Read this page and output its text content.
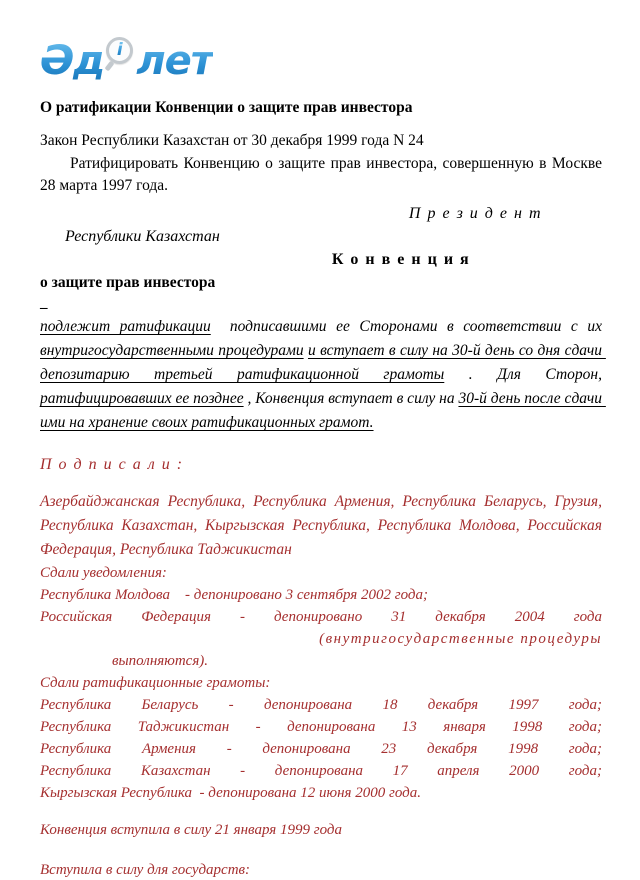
Әд i лет
О ратификации Конвенции о защите прав инвестора
Закон Республики Казахстан от 30 декабря 1999 года N 24

Ратифицировать Конвенцию о защите прав инвестора, совершенную в Москве 28 марта 1997 года.

П р е з и д е н т
Республики Казахстан
К о н в е н ц и я
о защите прав инвестора
–

подлежит ратификации  подписавшими ее Сторонами в соответствии с их внутригосударственными процедурами и вступает в силу на 30-й день со дня сдачи депозитарию третьей ратификационной грамоты . Для Сторон, ратифицировавших ее позднее , Конвенция вступает в силу на 30-й день после сдачи ими на хранение своих ратификационных грамот.

П о д п и с а л и :

Азербайджанская Республика, Республика Армения, Республика Беларусь, Грузия, Республика Казахстан, Кыргызская Республика, Республика Молдова, Российская Федерация, Республика Таджикистан

Сдали уведомления:
Республика Молдова    - депонировано 3 сентября 2002 года;
Российская Федерация - депонировано 31 декабря 2004 года
(внутригосударственные процедуры
выполняются).
Сдали ратификационные грамоты:
Республика Беларусь - депонирована 18 декабря 1997 года;
Республика Таджикистан - депонирована 13 января 1998 года;
Республика Армения - депонирована 23 декабря 1998 года;
Республика Казахстан - депонирована 17 апреля 2000 года;
Кыргызская Республика  - депонирована 12 июня 2000 года.
Конвенция вступила в силу 21 января 1999 года
Вступила в силу для государств:
